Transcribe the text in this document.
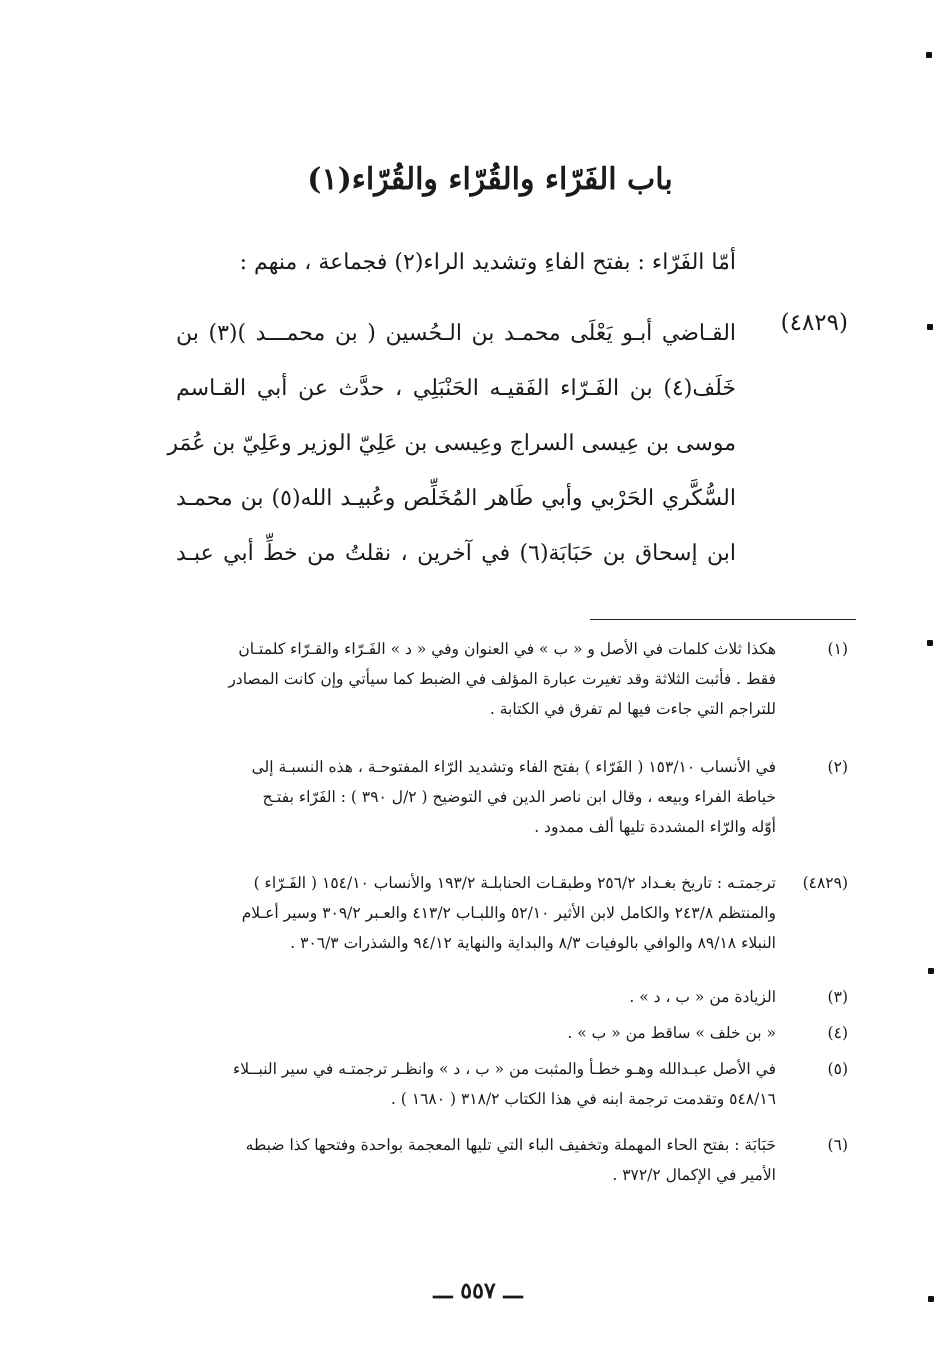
باب الفَرّاء والقُرّاء والقُرّاء(١)
أمّا الفَرّاء : بفتح الفاءِ وتشديد الراء(٢) فجماعة ، منهم :
(٤٨٢٩)
القـاضي أبـو يَعْلَى محمـد بن الـحُسين ( بن محمـــد )(٣) بن
خَلَف(٤) بن الفَـرّاء الفَقيـه الحَنْبَلِي ، حدَّث عن أبي القـاسم
موسى بن عِيسى السراج وعِيسى بن عَلِيّ الوزير وعَلِيّ بن عُمَر
السُّكَّري الحَرْبي وأبي طَاهر المُخَلِّص وعُبيـد الله(٥) بن محمـد
ابن إسحاق بن حَبَابَة(٦) في آخرين ، نقلتُ من خطِّ أبي عبـد
(١)
هكذا ثلاث كلمات في الأصل و « ب » في العنوان وفي « د » الفَـرّاء والقـرّاء كلمتـان
فقط . فأثبت الثلاثة وقد تغيرت عبارة المؤلف في الضبط كما سيأتي وإن كانت المصادر
للتراجم التي جاءت فيها لم تفرق في الكتابة .
(٢)
في الأنساب ١٥٣/١٠ ( الفَرّاء ) بفتح الفاء وتشديد الرّاء المفتوحـة ، هذه النسبـة إلى
خياطة الفراء وبيعه ، وقال ابن ناصر الدين في التوضيح ( ٢/ل ٣٩٠ ) : الفَرّاء بفتـح
أوّله والرّاء المشددة تليها ألف ممدود .
(٤٨٢٩)
ترجمتـه : تاريخ بغـداد ٢٥٦/٢ وطبقـات الحنابلـة ١٩٣/٢ والأنساب ١٥٤/١٠ ( الفَـرّاء )
والمنتظم ٢٤٣/٨ والكامل لابن الأثير ٥٢/١٠ واللبـاب ٤١٣/٢ والعـبر ٣٠٩/٢ وسير أعـلام
النبلاء ٨٩/١٨ والوافي بالوفيات ٨/٣ والبداية والنهاية ٩٤/١٢ والشذرات ٣٠٦/٣ .
(٣)
الزيادة من « ب ، د » .
(٤)
« بن خلف » ساقط من « ب » .
(٥)
في الأصل عبـدالله وهـو خطـأ والمثبت من « ب ، د » وانظـر ترجمتـه في سير النبــلاء
٥٤٨/١٦ وتقدمت ترجمة ابنه في هذا الكتاب ٣١٨/٢ ( ١٦٨٠ ) .
(٦)
حَبَابَة : بفتح الحاء المهملة وتخفيف الباء التي تليها المعجمة بواحدة وفتحها كذا ضبطه
الأمير في الإكمال ٣٧٢/٢ .
ـــ ٥٥٧ ـــ
